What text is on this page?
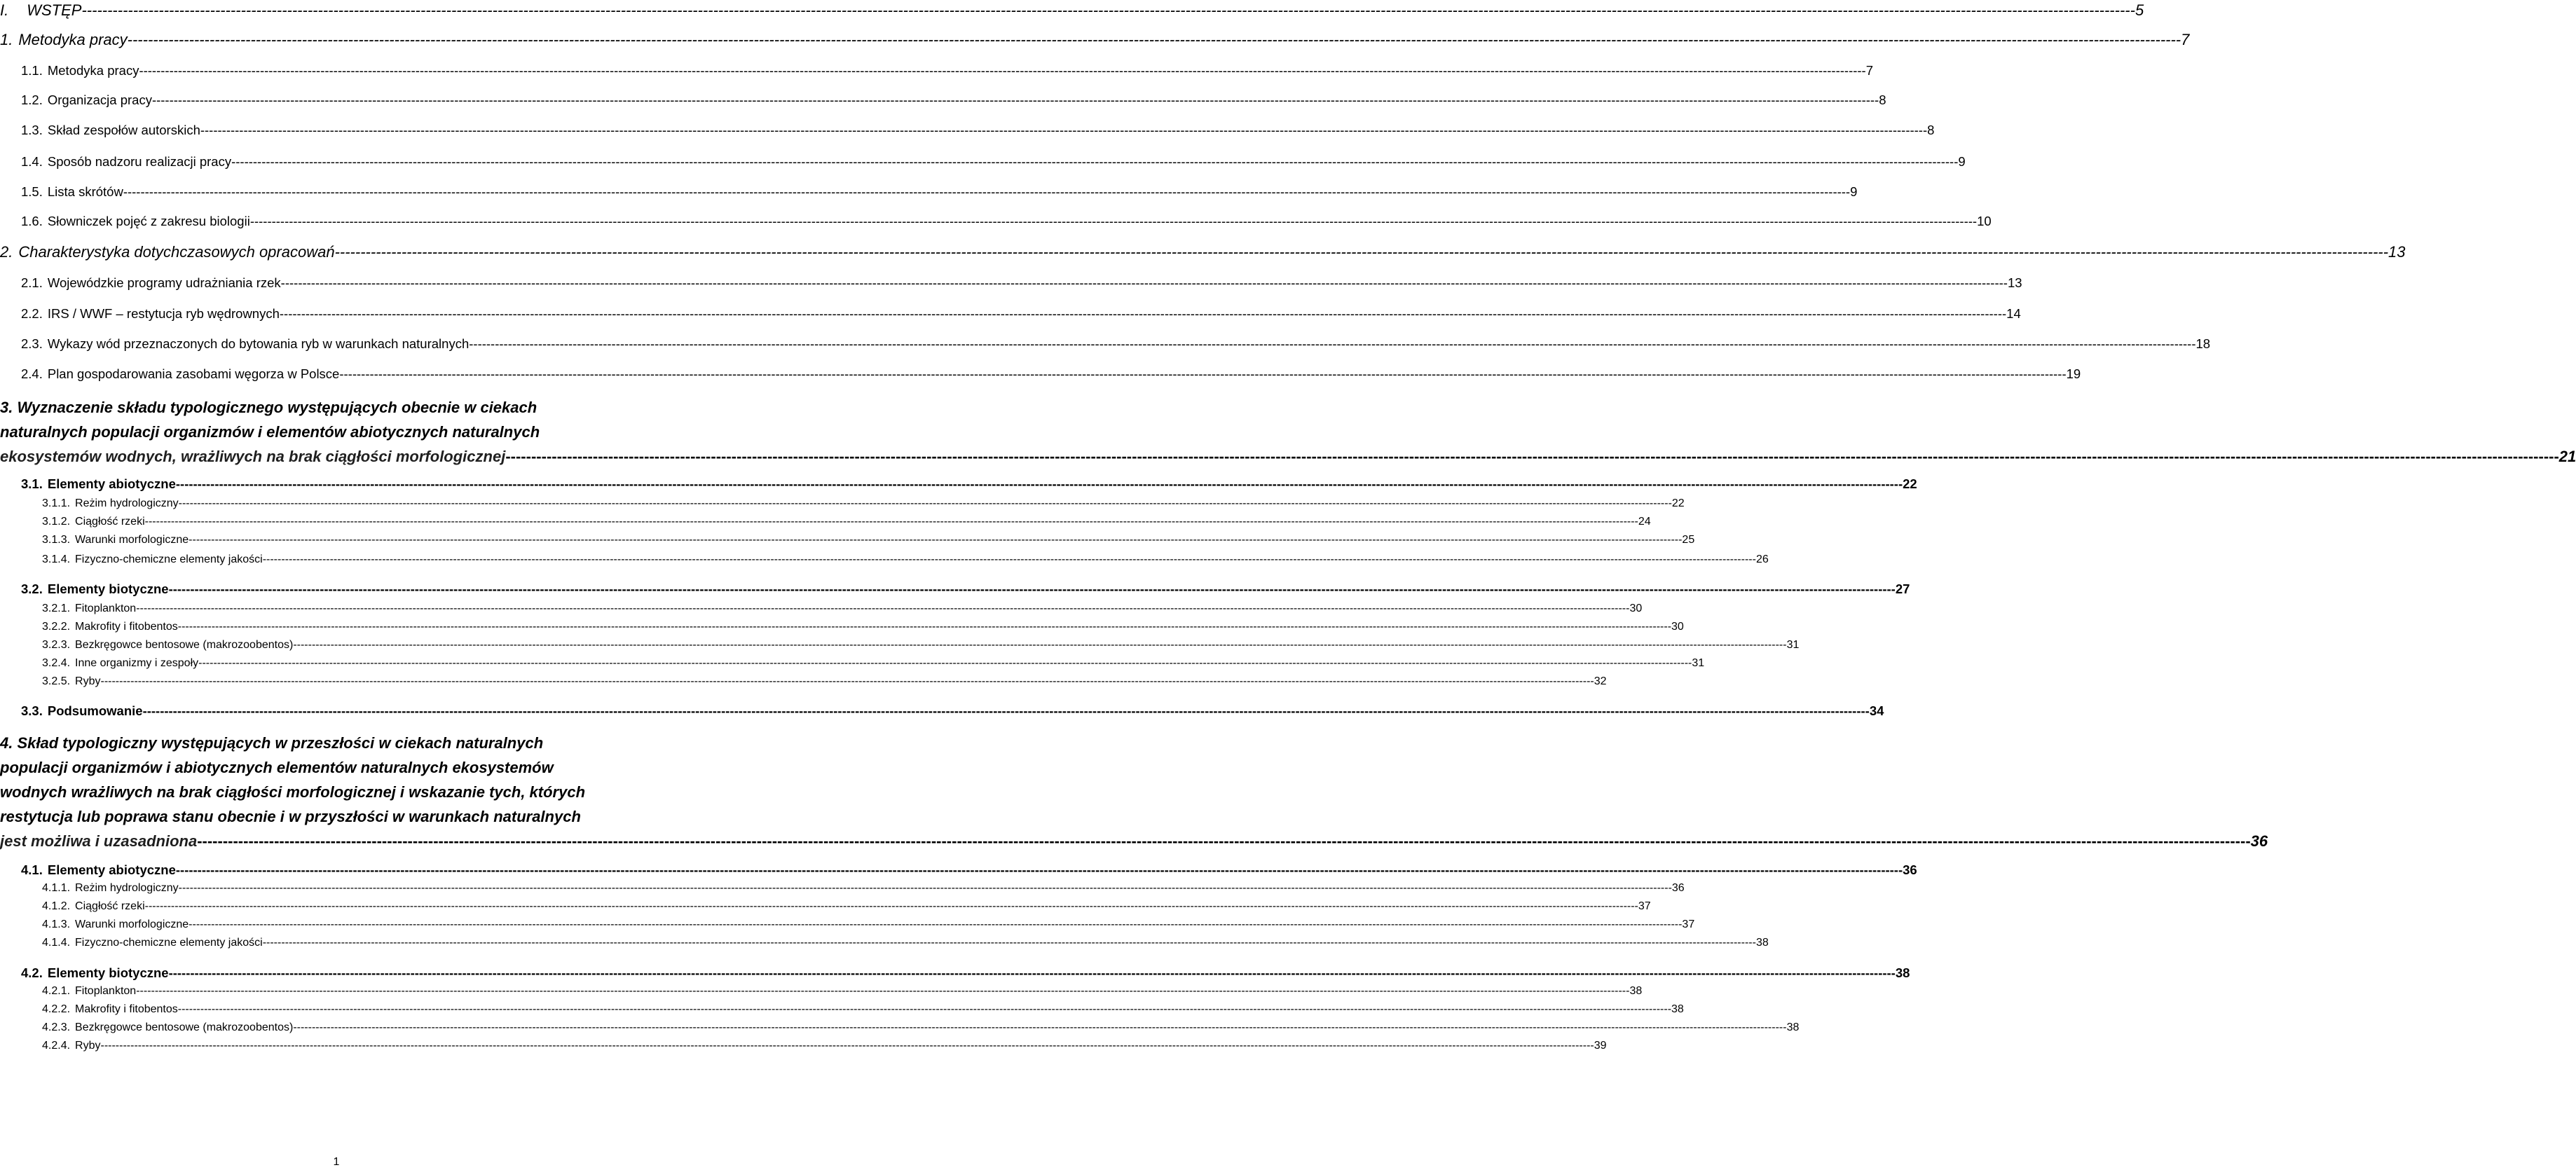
I. WSTĘP ---------------------------------------------------------------------------------------------------------------------------------------------------------------------------------------------------------------------------------------------------------------------------------------------------------------------------------------------------------------------------------------------------------------- 5
1. Metodyka pracy ---------------------------------------------------------------------------------------------------------------------------------------------------------------------------------------------------------------------------------------------------------------------------------------------------------------------------------------------------------------------------------------------------------------- 7
1.1. Metodyka pracy ---------------------------------------------------------------------------------------------------------------------------------------------------------------------------------------------------------------------------------------------------------------------------------------------------------------------------------------------------------------------------------------------------------------- 7
1.2. Organizacja pracy ---------------------------------------------------------------------------------------------------------------------------------------------------------------------------------------------------------------------------------------------------------------------------------------------------------------------------------------------------------------------------------------------------------------- 8
1.3. Skład zespołów autorskich ---------------------------------------------------------------------------------------------------------------------------------------------------------------------------------------------------------------------------------------------------------------------------------------------------------------------------------------------------------------------------------------------------------------- 8
1.4. Sposób nadzoru realizacji pracy ---------------------------------------------------------------------------------------------------------------------------------------------------------------------------------------------------------------------------------------------------------------------------------------------------------------------------------------------------------------------------------------------------------------- 9
1.5. Lista skrótów ---------------------------------------------------------------------------------------------------------------------------------------------------------------------------------------------------------------------------------------------------------------------------------------------------------------------------------------------------------------------------------------------------------------- 9
1.6. Słowniczek pojęć z zakresu biologii ---------------------------------------------------------------------------------------------------------------------------------------------------------------------------------------------------------------------------------------------------------------------------------------------------------------------------------------------------------------------------------------------------------------- 10
2. Charakterystyka dotychczasowych opracowań ---------------------------------------------------------------------------------------------------------------------------------------------------------------------------------------------------------------------------------------------------------------------------------------------------------------------------------------------------------------------------------------------------------------- 13
2.1. Wojewódzkie programy udrażniania rzek ---------------------------------------------------------------------------------------------------------------------------------------------------------------------------------------------------------------------------------------------------------------------------------------------------------------------------------------------------------------------------------------------------------------- 13
2.2. IRS / WWF – restytucja ryb wędrownych ---------------------------------------------------------------------------------------------------------------------------------------------------------------------------------------------------------------------------------------------------------------------------------------------------------------------------------------------------------------------------------------------------------------- 14
2.3. Wykazy wód przeznaczonych do bytowania ryb w warunkach naturalnych ---------------------------------------------------------------------------------------------------------------------------------------------------------------------------------------------------------------------------------------------------------------------------------------------------------------------------------------------------------------------------------------------------------------- 18
2.4. Plan gospodarowania zasobami węgorza w Polsce ---------------------------------------------------------------------------------------------------------------------------------------------------------------------------------------------------------------------------------------------------------------------------------------------------------------------------------------------------------------------------------------------------------------- 19
3. Wyznaczenie składu typologicznego występujących obecnie w ciekach
naturalnych populacji organizmów i elementów abiotycznych naturalnych
ekosystemów wodnych, wrażliwych na brak ciągłości morfologicznej ---------------------------------------------------------------------------------------------------------------------------------------------------------------------------------------------------------------------------------------------------------------------------------------------------------------------------------------------------------------------------------------------------------------- 21
3.1. Elementy abiotyczne ---------------------------------------------------------------------------------------------------------------------------------------------------------------------------------------------------------------------------------------------------------------------------------------------------------------------------------------------------------------------------------------------------------------- 22
3.1.1. Reżim hydrologiczny ---------------------------------------------------------------------------------------------------------------------------------------------------------------------------------------------------------------------------------------------------------------------------------------------------------------------------------------------------------------------------------------------------------------- 22
3.1.2. Ciągłość rzeki ---------------------------------------------------------------------------------------------------------------------------------------------------------------------------------------------------------------------------------------------------------------------------------------------------------------------------------------------------------------------------------------------------------------- 24
3.1.3. Warunki morfologiczne ---------------------------------------------------------------------------------------------------------------------------------------------------------------------------------------------------------------------------------------------------------------------------------------------------------------------------------------------------------------------------------------------------------------- 25
3.1.4. Fizyczno-chemiczne elementy jakości ---------------------------------------------------------------------------------------------------------------------------------------------------------------------------------------------------------------------------------------------------------------------------------------------------------------------------------------------------------------------------------------------------------------- 26
3.2. Elementy biotyczne ---------------------------------------------------------------------------------------------------------------------------------------------------------------------------------------------------------------------------------------------------------------------------------------------------------------------------------------------------------------------------------------------------------------- 27
3.2.1. Fitoplankton ---------------------------------------------------------------------------------------------------------------------------------------------------------------------------------------------------------------------------------------------------------------------------------------------------------------------------------------------------------------------------------------------------------------- 30
3.2.2. Makrofity i fitobentos ---------------------------------------------------------------------------------------------------------------------------------------------------------------------------------------------------------------------------------------------------------------------------------------------------------------------------------------------------------------------------------------------------------------- 30
3.2.3. Bezkręgowce bentosowe (makrozoobentos) ---------------------------------------------------------------------------------------------------------------------------------------------------------------------------------------------------------------------------------------------------------------------------------------------------------------------------------------------------------------------------------------------------------------- 31
3.2.4. Inne organizmy i zespoły ---------------------------------------------------------------------------------------------------------------------------------------------------------------------------------------------------------------------------------------------------------------------------------------------------------------------------------------------------------------------------------------------------------------- 31
3.2.5. Ryby ---------------------------------------------------------------------------------------------------------------------------------------------------------------------------------------------------------------------------------------------------------------------------------------------------------------------------------------------------------------------------------------------------------------- 32
3.3. Podsumowanie ---------------------------------------------------------------------------------------------------------------------------------------------------------------------------------------------------------------------------------------------------------------------------------------------------------------------------------------------------------------------------------------------------------------- 34
4. Skład typologiczny występujących w przeszłości w ciekach naturalnych
populacji organizmów i abiotycznych elementów naturalnych ekosystemów
wodnych wrażliwych na brak ciągłości morfologicznej i wskazanie tych, których
restytucja lub poprawa stanu obecnie i w przyszłości w warunkach naturalnych
jest możliwa i uzasadniona ---------------------------------------------------------------------------------------------------------------------------------------------------------------------------------------------------------------------------------------------------------------------------------------------------------------------------------------------------------------------------------------------------------------- 36
4.1. Elementy abiotyczne ---------------------------------------------------------------------------------------------------------------------------------------------------------------------------------------------------------------------------------------------------------------------------------------------------------------------------------------------------------------------------------------------------------------- 36
4.1.1. Reżim hydrologiczny ---------------------------------------------------------------------------------------------------------------------------------------------------------------------------------------------------------------------------------------------------------------------------------------------------------------------------------------------------------------------------------------------------------------- 36
4.1.2. Ciągłość rzeki ---------------------------------------------------------------------------------------------------------------------------------------------------------------------------------------------------------------------------------------------------------------------------------------------------------------------------------------------------------------------------------------------------------------- 37
4.1.3. Warunki morfologiczne ---------------------------------------------------------------------------------------------------------------------------------------------------------------------------------------------------------------------------------------------------------------------------------------------------------------------------------------------------------------------------------------------------------------- 37
4.1.4. Fizyczno-chemiczne elementy jakości ---------------------------------------------------------------------------------------------------------------------------------------------------------------------------------------------------------------------------------------------------------------------------------------------------------------------------------------------------------------------------------------------------------------- 38
4.2. Elementy biotyczne ---------------------------------------------------------------------------------------------------------------------------------------------------------------------------------------------------------------------------------------------------------------------------------------------------------------------------------------------------------------------------------------------------------------- 38
4.2.1. Fitoplankton ---------------------------------------------------------------------------------------------------------------------------------------------------------------------------------------------------------------------------------------------------------------------------------------------------------------------------------------------------------------------------------------------------------------- 38
4.2.2. Makrofity i fitobentos ---------------------------------------------------------------------------------------------------------------------------------------------------------------------------------------------------------------------------------------------------------------------------------------------------------------------------------------------------------------------------------------------------------------- 38
4.2.3. Bezkręgowce bentosowe (makrozoobentos) ---------------------------------------------------------------------------------------------------------------------------------------------------------------------------------------------------------------------------------------------------------------------------------------------------------------------------------------------------------------------------------------------------------------- 38
4.2.4. Ryby ---------------------------------------------------------------------------------------------------------------------------------------------------------------------------------------------------------------------------------------------------------------------------------------------------------------------------------------------------------------------------------------------------------------- 39
1
